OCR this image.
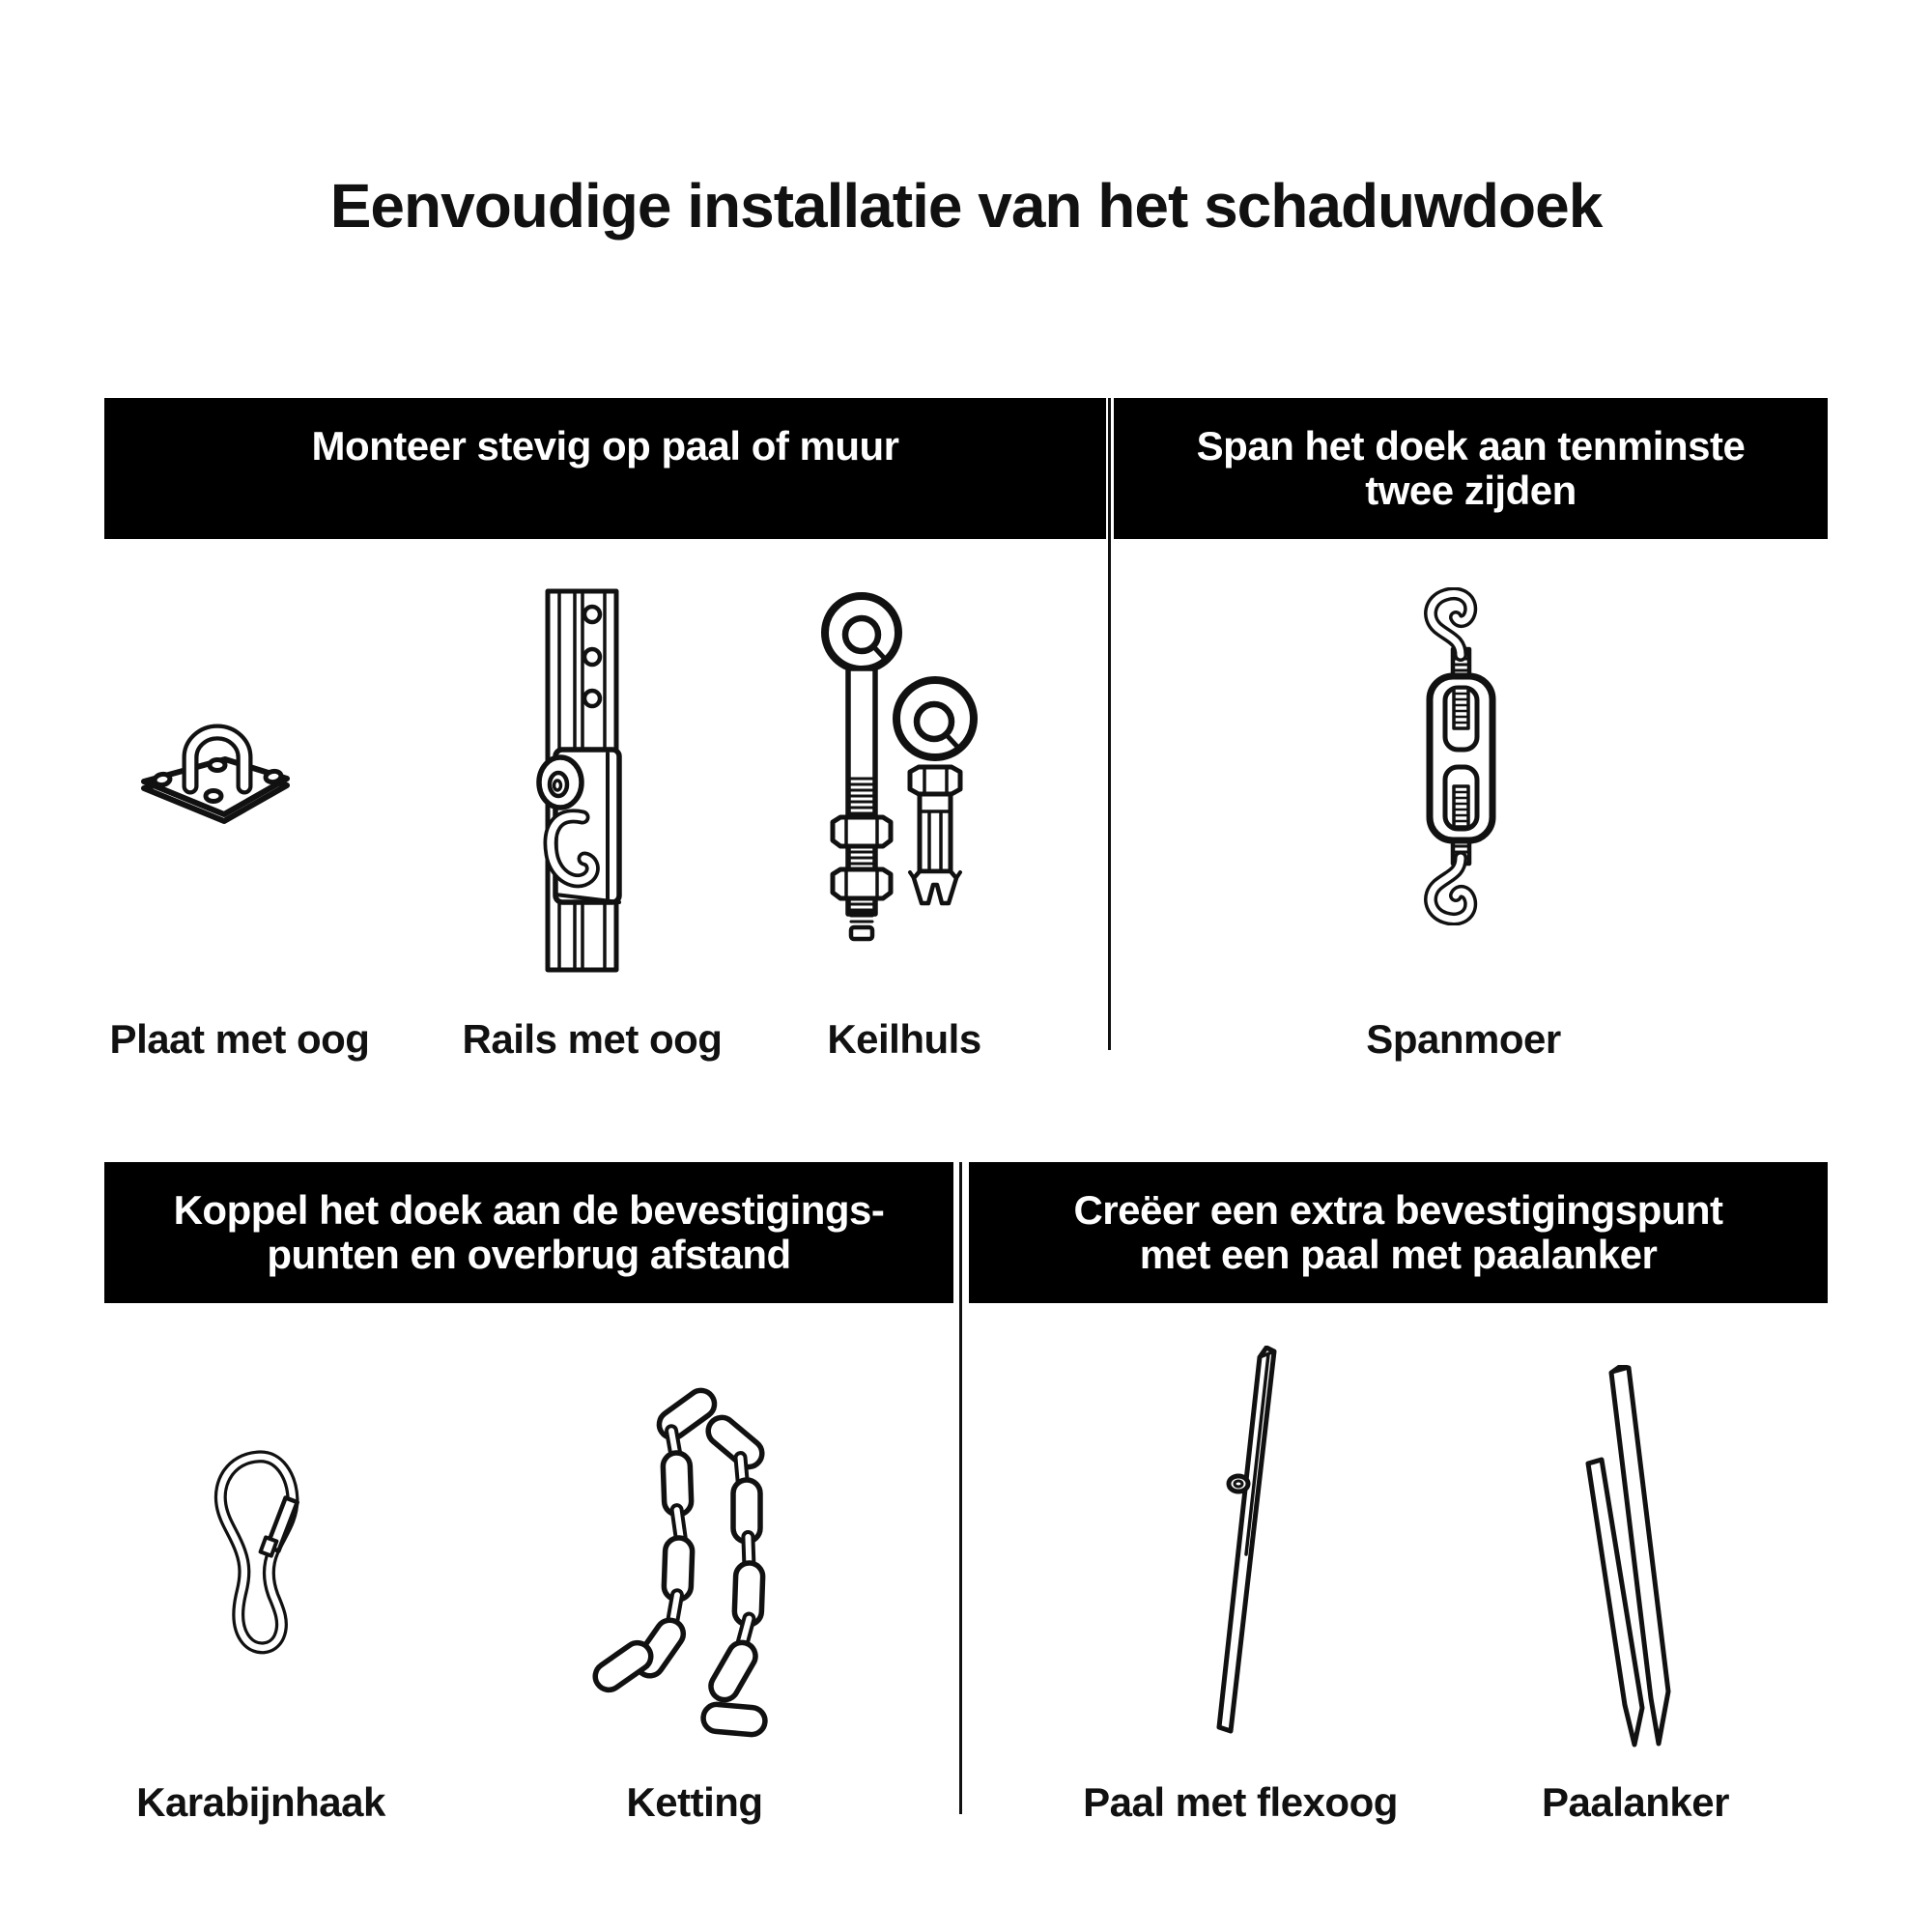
Eenvoudige installatie van het schaduwdoek
Monteer stevig op paal of muur	Span het doek aan tenminste
twee zijden
Koppel het doek aan de bevestigings-
punten en overbrug afstand
Creëer een extra bevestigingspunt
met een paal met paalanker
Plaat met oog Rails met oog	Keilhuls	Spanmoer
Karabijnhaak	Ketting	Paal met flexoog	Paalanker
